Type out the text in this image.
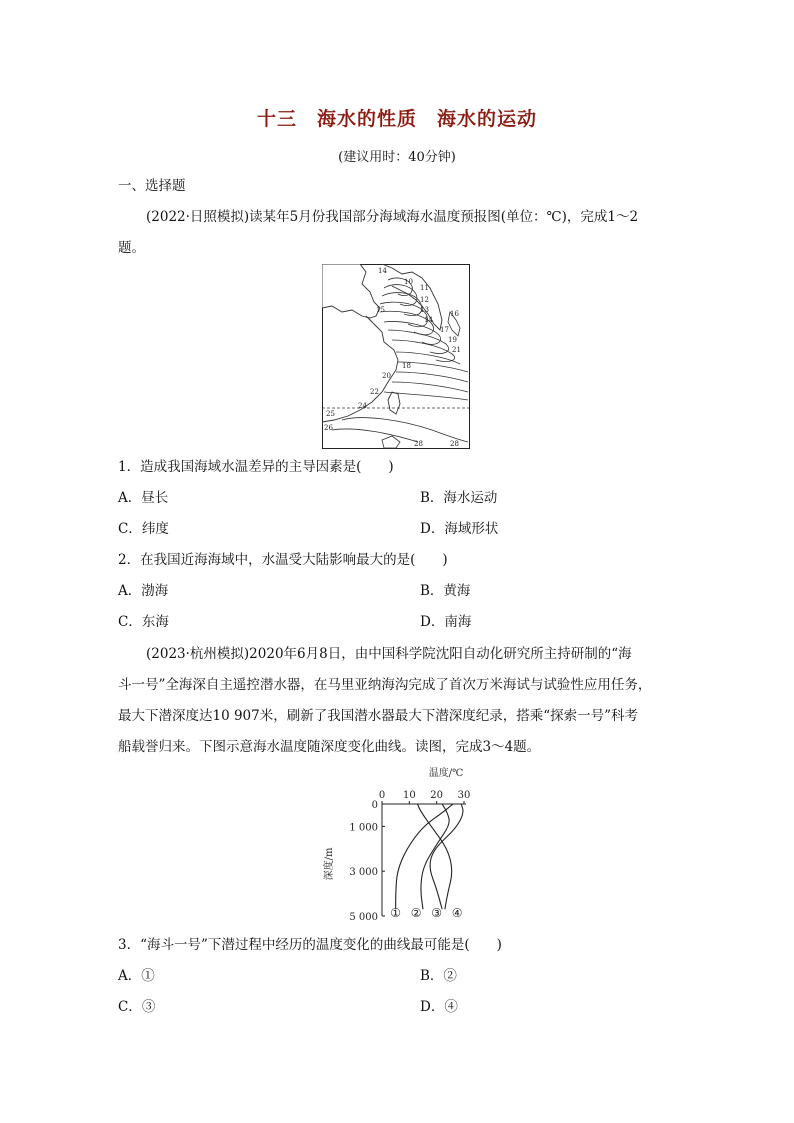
十三　海水的性质　海水的运动
(建议用时：40分钟)
一、选择题
(2022·日照模拟)读某年5月份我国部分海域海水温度预报图(单位：℃)，完成1～2
题。
14
10
11
12
13
14
15	16
17
18
19
20
21
22
24
25
26
28	28
1．造成我国海域水温差异的主导因素是(　　)
A．昼长	B．海水运动
C．纬度	D．海域形状
2．在我国近海海域中，水温受大陆影响最大的是(　　)
A．渤海	B．黄海
C．东海	D．南海
(2023·杭州模拟)2020年6月8日，由中国科学院沈阳自动化研究所主持研制的“海
斗一号”全海深自主遥控潜水器，在马里亚纳海沟完成了首次万米海试与试验性应用任务，
最大下潜深度达10 907米，刷新了我国潜水器最大下潜深度纪录，搭乘“探索一号”科考
船载誉归来。下图示意海水温度随深度变化曲线。读图，完成3～4题。
温度/℃
深度/m
0 10 20 30
0
1 000
3 000
5 000 ① ② ③ ④
3．“海斗一号”下潜过程中经历的温度变化的曲线最可能是(　　)
A．①	B．②
C．③	D．④
